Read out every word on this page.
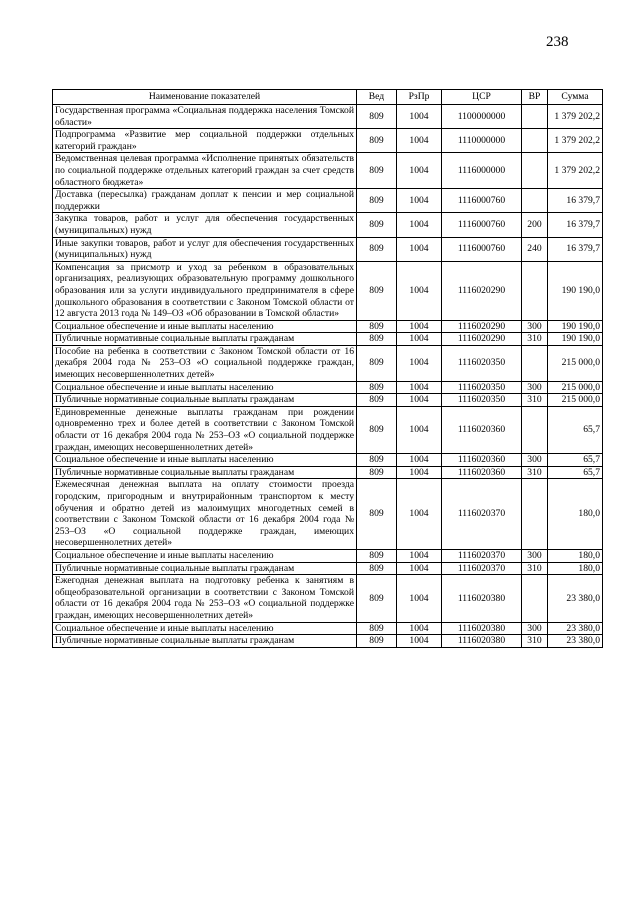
238
Наименование показателей	Вед	РзПр	ЦСР	ВР	Сумма
Государственная программа «Социальная поддержка населения Томской области»	809	1004	1100000000		1 379 202,2
Подпрограмма «Развитие мер социальной поддержки отдельных категорий граждан»	809	1004	1110000000		1 379 202,2
Ведомственная целевая программа «Исполнение принятых обязательств по социальной поддержке отдельных категорий граждан за счет средств областного бюджета»	809	1004	1116000000		1 379 202,2
Доставка (пересылка) гражданам доплат к пенсии и мер социальной поддержки	809	1004	1116000760		16 379,7
Закупка товаров, работ и услуг для обеспечения государственных (муниципальных) нужд	809	1004	1116000760	200	16 379,7
Иные закупки товаров, работ и услуг для обеспечения государственных (муниципальных) нужд	809	1004	1116000760	240	16 379,7
Компенсация за присмотр и уход за ребенком в образовательных организациях, реализующих образовательную программу дошкольного образования или за услуги индивидуального предпринимателя в сфере дошкольного образования в соответствии с Законом Томской области от 12 августа 2013 года № 149–ОЗ «Об образовании в Томской области»	809	1004	1116020290		190 190,0
Социальное обеспечение и иные выплаты населению	809	1004	1116020290	300	190 190,0
Публичные нормативные социальные выплаты гражданам	809	1004	1116020290	310	190 190,0
Пособие на ребенка в соответствии с Законом Томской области от 16 декабря 2004 года № 253–ОЗ «О социальной поддержке граждан, имеющих несовершеннолетних детей»	809	1004	1116020350		215 000,0
Социальное обеспечение и иные выплаты населению	809	1004	1116020350	300	215 000,0
Публичные нормативные социальные выплаты гражданам	809	1004	1116020350	310	215 000,0
Единовременные денежные выплаты гражданам при рождении одновременно трех и более детей в соответствии с Законом Томской области от 16 декабря 2004 года № 253–ОЗ «О социальной поддержке граждан, имеющих несовершеннолетних детей»	809	1004	1116020360		65,7
Социальное обеспечение и иные выплаты населению	809	1004	1116020360	300	65,7
Публичные нормативные социальные выплаты гражданам	809	1004	1116020360	310	65,7
Ежемесячная денежная выплата на оплату стоимости проезда городским, пригородным и внутрирайонным транспортом к месту обучения и обратно детей из малоимущих многодетных семей в соответствии с Законом Томской области от 16 декабря 2004 года № 253–ОЗ «О социальной поддержке граждан, имеющих несовершеннолетних детей»	809	1004	1116020370		180,0
Социальное обеспечение и иные выплаты населению	809	1004	1116020370	300	180,0
Публичные нормативные социальные выплаты гражданам	809	1004	1116020370	310	180,0
Ежегодная денежная выплата на подготовку ребенка к занятиям в общеобразовательной организации в соответствии с Законом Томской области от 16 декабря 2004 года № 253–ОЗ «О социальной поддержке граждан, имеющих несовершеннолетних детей»	809	1004	1116020380		23 380,0
Социальное обеспечение и иные выплаты населению	809	1004	1116020380	300	23 380,0
Публичные нормативные социальные выплаты гражданам	809	1004	1116020380	310	23 380,0
